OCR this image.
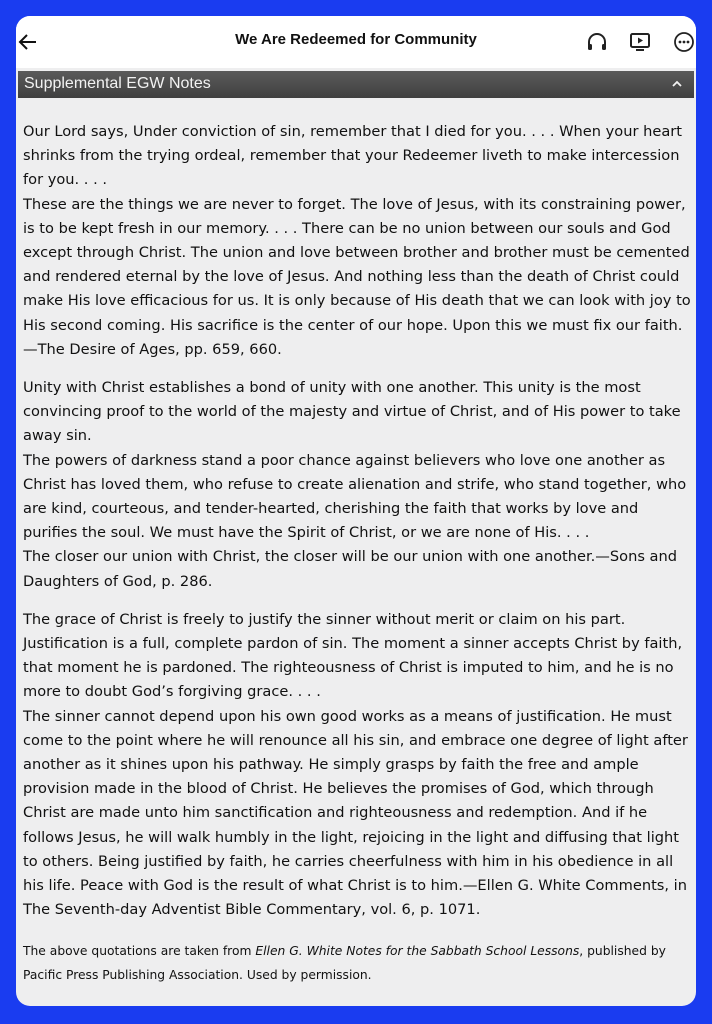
We Are Redeemed for Community
Supplemental EGW Notes

Our Lord says, Under conviction of sin, remember that I died for you. . . . When your heart shrinks from the trying ordeal, remember that your Redeemer liveth to make intercession for you. . . .

These are the things we are never to forget. The love of Jesus, with its constraining power, is to be kept fresh in our memory. . . . There can be no union between our souls and God except through Christ. The union and love between brother and brother must be cemented and rendered eternal by the love of Jesus. And nothing less than the death of Christ could make His love efficacious for us. It is only because of His death that we can look with joy to His second coming. His sacrifice is the center of our hope. Upon this we must fix our faith.—The Desire of Ages, pp. 659, 660.

Unity with Christ establishes a bond of unity with one another. This unity is the most convincing proof to the world of the majesty and virtue of Christ, and of His power to take away sin.

The powers of darkness stand a poor chance against believers who love one another as Christ has loved them, who refuse to create alienation and strife, who stand together, who are kind, courteous, and tender-hearted, cherishing the faith that works by love and purifies the soul. We must have the Spirit of Christ, or we are none of His. . . .

The closer our union with Christ, the closer will be our union with one another.—Sons and Daughters of God, p. 286.

The grace of Christ is freely to justify the sinner without merit or claim on his part. Justification is a full, complete pardon of sin. The moment a sinner accepts Christ by faith, that moment he is pardoned. The righteousness of Christ is imputed to him, and he is no more to doubt God’s forgiving grace. . . .

The sinner cannot depend upon his own good works as a means of justification. He must come to the point where he will renounce all his sin, and embrace one degree of light after another as it shines upon his pathway. He simply grasps by faith the free and ample provision made in the blood of Christ. He believes the promises of God, which through Christ are made unto him sanctification and righteousness and redemption. And if he follows Jesus, he will walk humbly in the light, rejoicing in the light and diffusing that light to others. Being justified by faith, he carries cheerfulness with him in his obedience in all his life. Peace with God is the result of what Christ is to him.—Ellen G. White Comments, in The Seventh-day Adventist Bible Commentary, vol. 6, p. 1071.

The above quotations are taken from Ellen G. White Notes for the Sabbath School Lessons, published by Pacific Press Publishing Association. Used by permission.
